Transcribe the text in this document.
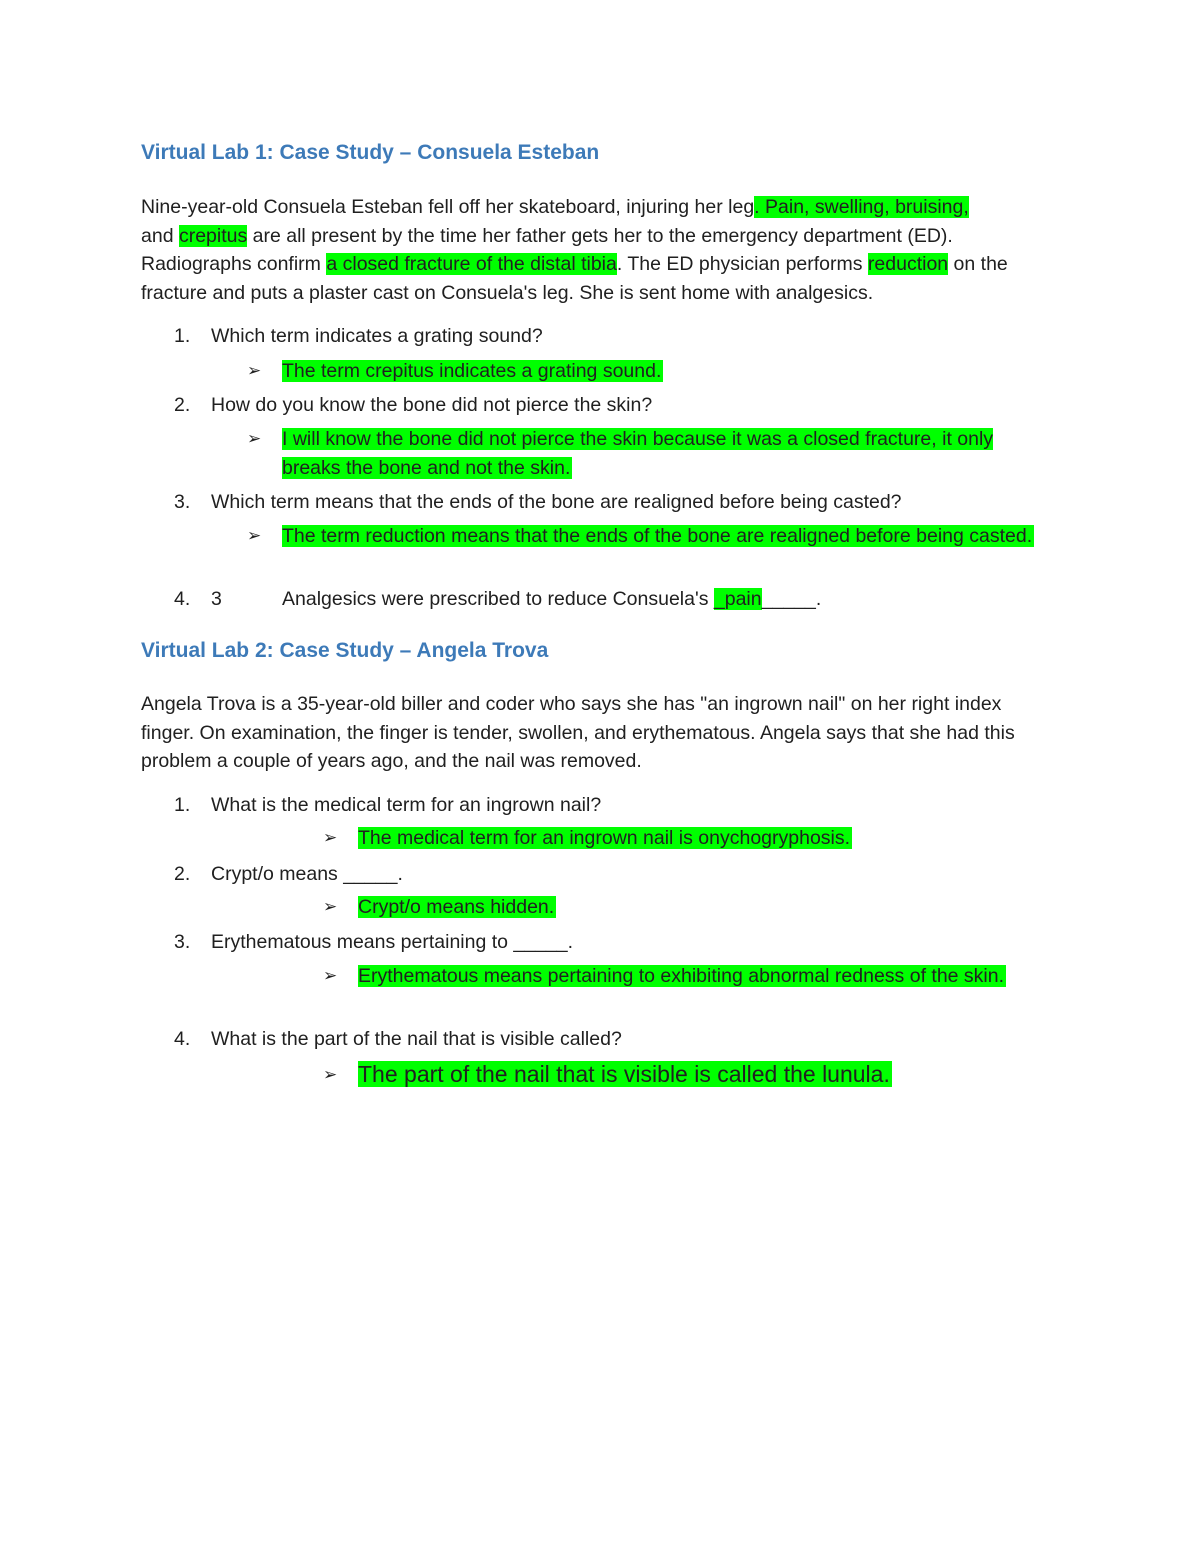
Virtual Lab 1: Case Study – Consuela Esteban

Nine-year-old Consuela Esteban fell off her skateboard, injuring her leg. Pain, swelling, bruising,
and crepitus are all present by the time her father gets her to the emergency department (ED). Radiographs confirm a closed fracture of the distal tibia. The ED physician performs reduction on the fracture and puts a plaster cast on Consuela's leg. She is sent home with analgesics.

1. Which term indicates a grating sound?
➢ The term crepitus indicates a grating sound.
2. How do you know the bone did not pierce the skin?
➢ I will know the bone did not pierce the skin because it was a closed fracture, it only breaks the bone and not the skin.
3. Which term means that the ends of the bone are realigned before being casted?
➢ The term reduction means that the ends of the bone are realigned before being casted.
4. 3	Analgesics were prescribed to reduce Consuela's _pain_____.
Virtual Lab 2: Case Study – Angela Trova

Angela Trova is a 35-year-old biller and coder who says she has "an ingrown nail" on her right index finger. On examination, the finger is tender, swollen, and erythematous. Angela says that she had this problem a couple of years ago, and the nail was removed.

1. What is the medical term for an ingrown nail?
➢ The medical term for an ingrown nail is onychogryphosis.
2. Crypt/o means _____.
➢ Crypt/o means hidden.
3. Erythematous means pertaining to _____.
➢ Erythematous means pertaining to exhibiting abnormal redness of the skin.
4. What is the part of the nail that is visible called?
➢ The part of the nail that is visible is called the lunula.
